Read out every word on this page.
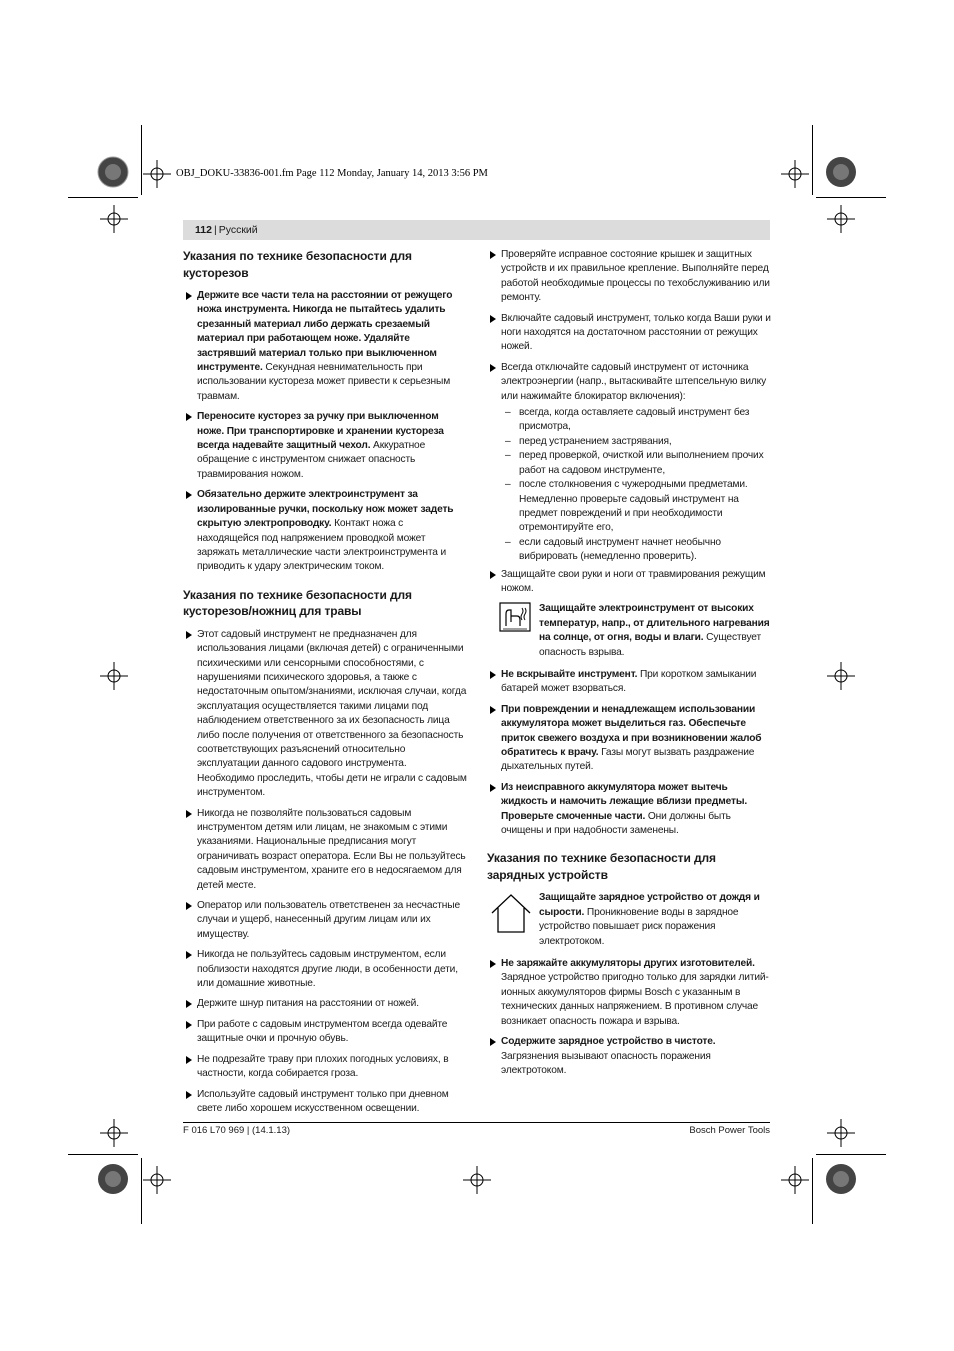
OBJ_DOKU-33836-001.fm Page 112 Monday, January 14, 2013 3:56 PM
112 | Русский
Указания по технике безопасности для кусторезов
Держите все части тела на расстоянии от режущего ножа инструмента. Никогда не пытайтесь удалить срезанный материал либо держать срезаемый материал при работающем ноже. Удаляйте застрявший материал только при выключенном инструменте. Секундная невнимательность при использовании кустореза может привести к серьезным травмам.
Переносите кусторез за ручку при выключенном ноже. При транспортировке и хранении кустореза всегда надевайте защитный чехол. Аккуратное обращение с инструментом снижает опасность травмирования ножом.
Обязательно держите электроинструмент за изолированные ручки, поскольку нож может задеть скрытую электропроводку. Контакт ножа с находящейся под напряжением проводкой может заряжать металлические части электроинструмента и приводить к удару электрическим током.
Указания по технике безопасности для кусторезов/ножниц для травы
Этот садовый инструмент не предназначен для использования лицами (включая детей) с ограниченными психическими или сенсорными способностями, с нарушениями психического здоровья, а также с недостаточным опытом/знаниями, исключая случаи, когда эксплуатация осуществляется такими лицами под наблюдением ответственного за их безопасность лица либо после получения от ответственного за безопасность соответствующих разъяснений относительно эксплуатации данного садового инструмента.
Необходимо проследить, чтобы дети не играли с садовым инструментом.
Никогда не позволяйте пользоваться садовым инструментом детям или лицам, не знакомым с этими указаниями. Национальные предписания могут ограничивать возраст оператора. Если Вы не пользуйтесь садовым инструментом, храните его в недосягаемом для детей месте.
Оператор или пользователь ответственен за несчастные случаи и ущерб, нанесенный другим лицам или их имуществу.
Никогда не пользуйтесь садовым инструментом, если поблизости находятся другие люди, в особенности дети, или домашние животные.
Держите шнур питания на расстоянии от ножей.
При работе с садовым инструментом всегда одевайте защитные очки и прочную обувь.
Не подрезайте траву при плохих погодных условиях, в частности, когда собирается гроза.
Используйте садовый инструмент только при дневном свете либо хорошем искусственном освещении.
Проверяйте исправное состояние крышек и защитных устройств и их правильное крепление. Выполняйте перед работой необходимые процессы по техобслуживанию или ремонту.
Включайте садовый инструмент, только когда Ваши руки и ноги находятся на достаточном расстоянии от режущих ножей.
Всегда отключайте садовый инструмент от источника электроэнергии (напр., вытаскивайте штепсельную вилку или нажимайте блокиратор включения):
– всегда, когда оставляете садовый инструмент без присмотра,
– перед устранением застрявания,
– перед проверкой, очисткой или выполнением прочих работ на садовом инструменте,
– после столкновения с чужеродными предметами. Немедленно проверьте садовый инструмент на предмет повреждений и при необходимости отремонтируйте его,
– если садовый инструмент начнет необычно вибрировать (немедленно проверить).
Защищайте свои руки и ноги от травмирования режущим ножом.
Защищайте электроинструмент от высоких температур, напр., от длительного нагревания на солнце, от огня, воды и влаги. Существует опасность взрыва.
Не вскрывайте инструмент. При коротком замыкании батарей может взорваться.
При повреждении и ненадлежащем использовании аккумулятора может выделиться газ. Обеспечьте приток свежего воздуха и при возникновении жалоб обратитесь к врачу. Газы могут вызвать раздражение дыхательных путей.
Из неисправного аккумулятора может вытечь жидкость и намочить лежащие вблизи предметы. Проверьте смоченные части. Они должны быть очищены и при надобности заменены.
Указания по технике безопасности для зарядных устройств
Защищайте зарядное устройство от дождя и сырости. Проникновение воды в зарядное устройство повышает риск поражения электротоком.
Не заряжайте аккумуляторы других изготовителей. Зарядное устройство пригодно только для зарядки литий-ионных аккумуляторов фирмы Bosch с указанным в технических данных напряжением. В противном случае возникает опасность пожара и взрыва.
Содержите зарядное устройство в чистоте. Загрязнения вызывают опасность поражения электротоком.
F 016 L70 969 | (14.1.13)	Bosch Power Tools
